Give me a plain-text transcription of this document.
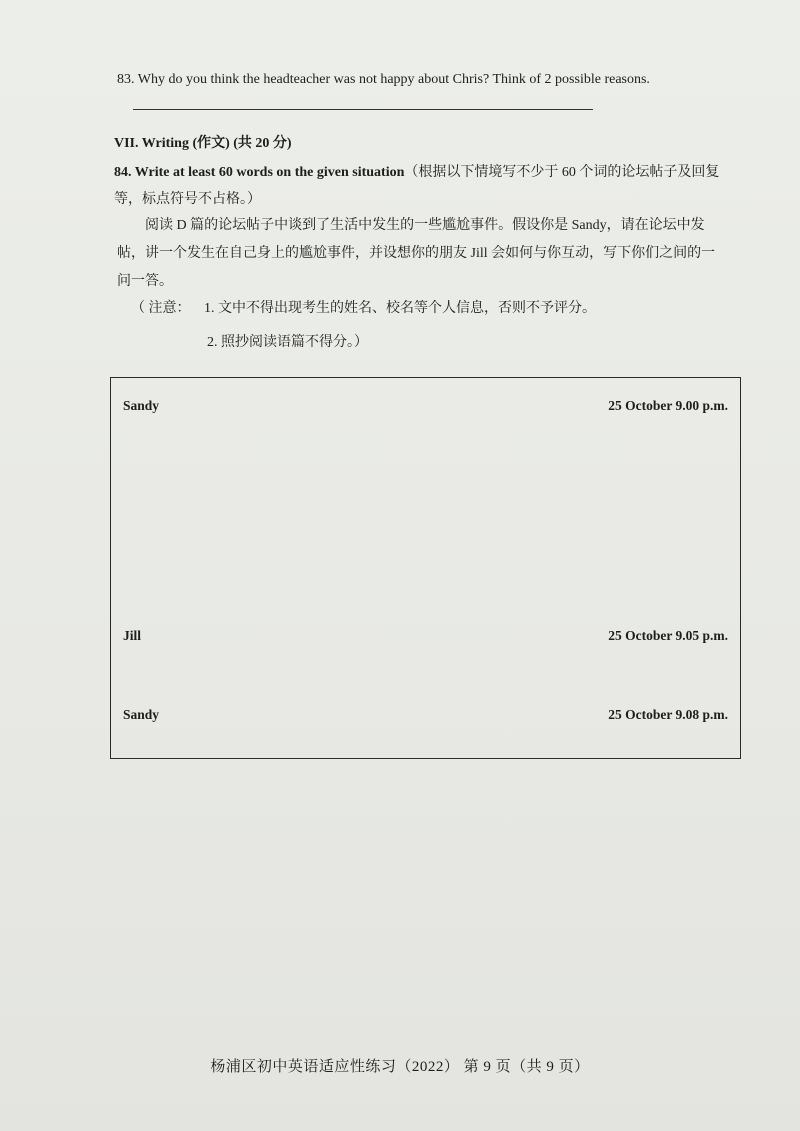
83. Why do you think the headteacher was not happy about Chris? Think of 2 possible reasons.
VII. Writing (作文) (共 20 分)
84. Write at least 60 words on the given situation（根据以下情境写不少于 60 个词的论坛帖子及回复等，标点符号不占格。）
阅读 D 篇的论坛帖子中谈到了生活中发生的一些尴尬事件。假设你是 Sandy，请在论坛中发帖，讲一个发生在自己身上的尴尬事件，并设想你的朋友 Jill 会如何与你互动，写下你们之间的一问一答。
（ 注意： 1. 文中不得出现考生的姓名、校名等个人信息，否则不予评分。
2. 照抄阅读语篇不得分。）
Sandy	25 October 9.00 p.m.
Jill	25 October 9.05 p.m.
Sandy	25 October 9.08 p.m.
杨浦区初中英语适应性练习（2022） 第 9 页（共 9 页）
